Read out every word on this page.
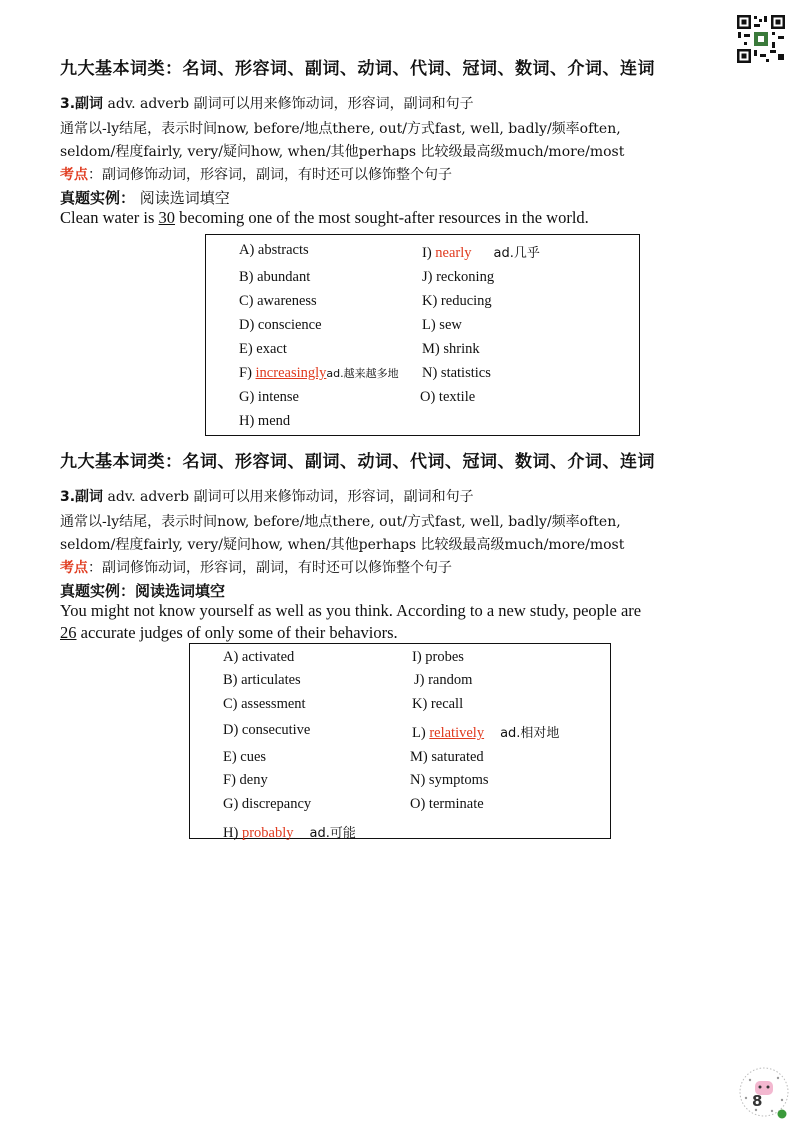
九大基本词类：名词、形容词、副词、动词、代词、冠词、数词、介词、连词
3.副词 adv. adverb 副词可以用来修饰动词，形容词，副词和句子
通常以-ly结尾，表示时间now, before/地点there, out/方式fast, well, badly/频率often,
seldom/程度fairly, very/疑问how, when/其他perhaps 比较级最高级much/more/most
考点：副词修饰动词，形容词，副词，有时还可以修饰整个句子
真题实例： 阅读选词填空
Clean water is 30 becoming one of the most sought-after resources in the world.
A) abstracts
B) abundant
C) awareness
D) conscience
E) exact
F) increasinglyad.越来越多地
G) intense
H) mend
I) nearly ad.几乎
J) reckoning
K) reducing
L) sew
M) shrink
N) statistics
O) textile
九大基本词类：名词、形容词、副词、动词、代词、冠词、数词、介词、连词
3.副词 adv. adverb 副词可以用来修饰动词，形容词，副词和句子
通常以-ly结尾，表示时间now, before/地点there, out/方式fast, well, badly/频率often,
seldom/程度fairly, very/疑问how, when/其他perhaps 比较级最高级much/more/most
考点：副词修饰动词，形容词，副词，有时还可以修饰整个句子
真题实例：阅读选词填空
You might not know yourself as well as you think. According to a new study, people are
26 accurate judges of only some of their behaviors.
A) activated
B) articulates
C) assessment
D) consecutive
E) cues
F) deny
G) discrepancy
H) probably ad.可能
I) probes
J) random
K) recall
L) relatively ad.相对地
M) saturated
N) symptoms
O) terminate
8
